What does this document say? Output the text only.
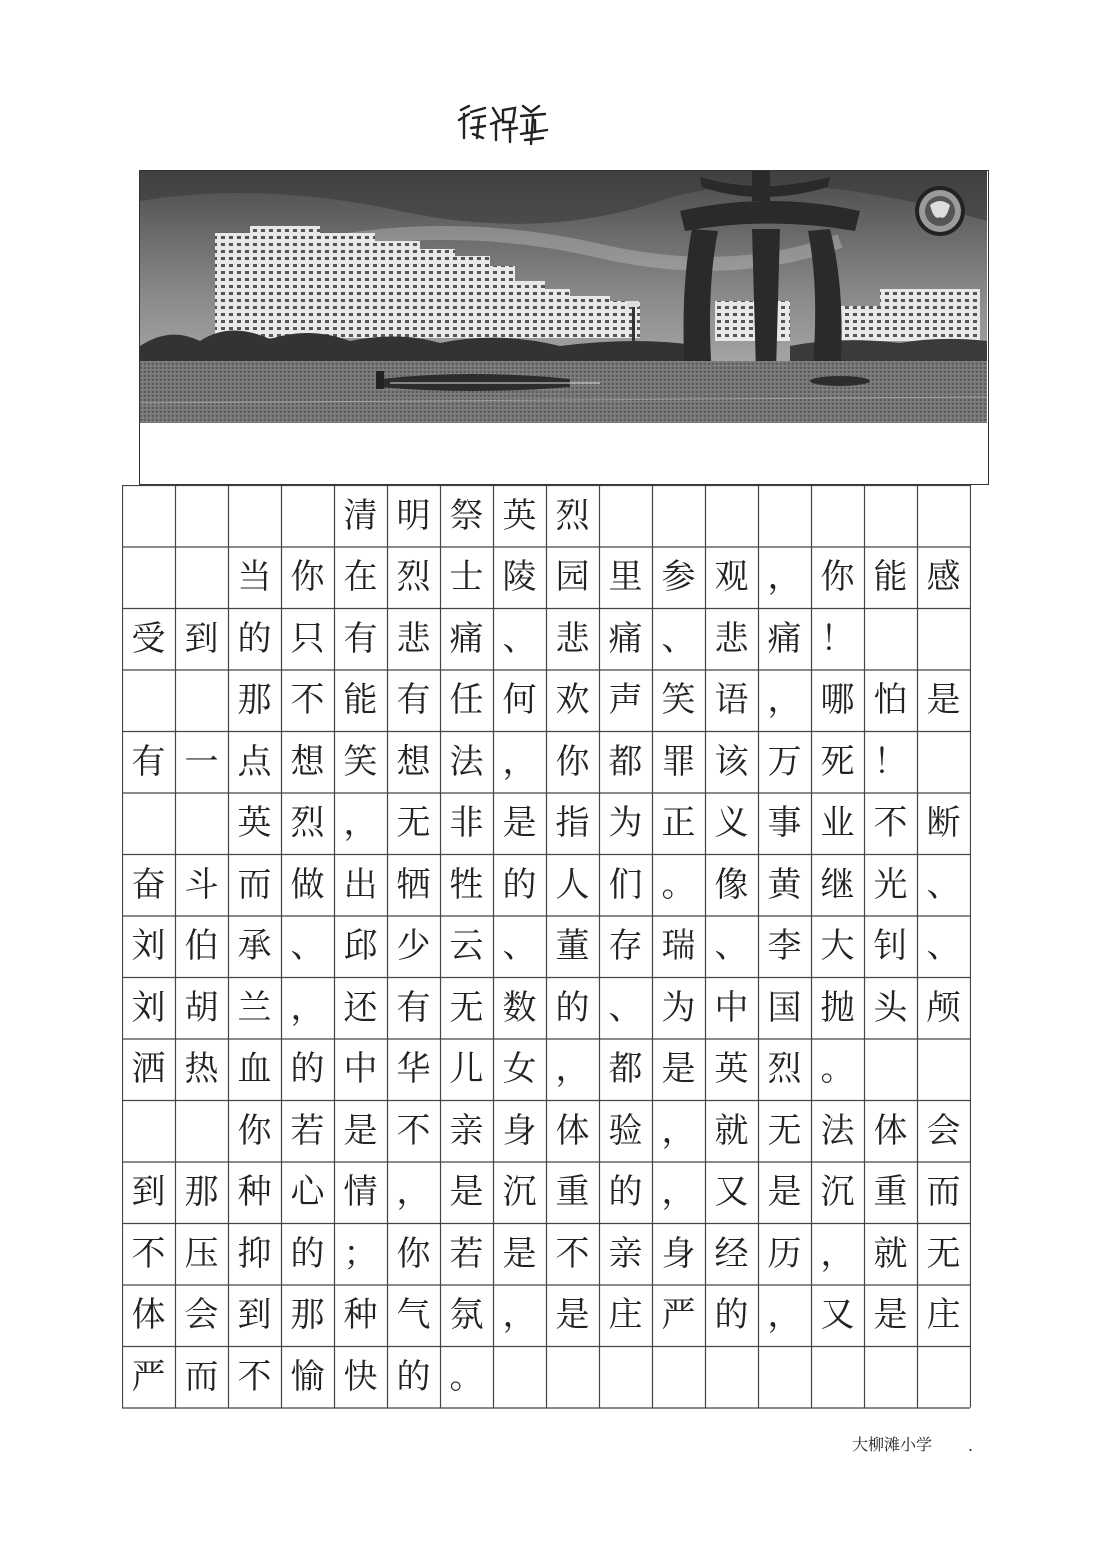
清 明 祭 英 烈
当 你 在 烈 士 陵 园 里 参 观 ， 你 能 感
受 到 的 只 有 悲 痛 、 悲 痛 、 悲 痛 ！
那 不 能 有 任 何 欢 声 笑 语 ， 哪 怕 是
有 一 点 想 笑 想 法 ， 你 都 罪 该 万 死 ！
英 烈 ， 无 非 是 指 为 正 义 事 业 不 断
奋 斗 而 做 出 牺 牲 的 人 们 。 像 黄 继 光 、
刘 伯 承 、 邱 少 云 、 董 存 瑞 、 李 大 钊 、
刘 胡 兰 ， 还 有 无 数 的 、 为 中 国 抛 头 颅
洒 热 血 的 中 华 儿 女 ， 都 是 英 烈 。
你 若 是 不 亲 身 体 验 ， 就 无 法 体 会
到 那 种 心 情 ， 是 沉 重 的 ， 又 是 沉 重 而
不 压 抑 的 ； 你 若 是 不 亲 身 经 历 ， 就 无
体 会 到 那 种 气 氛 ， 是 庄 严 的 ， 又 是 庄
严 而 不 愉 快 的 。
大柳滩小学 .
